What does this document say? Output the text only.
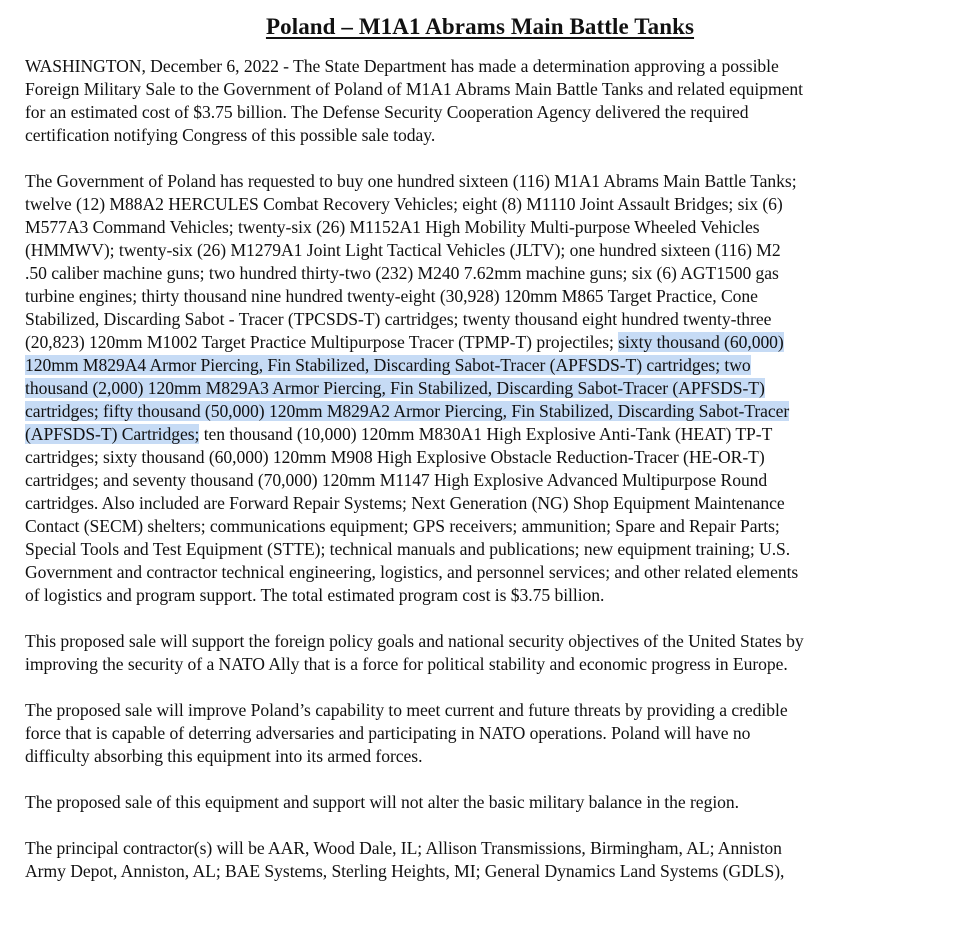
Poland – M1A1 Abrams Main Battle Tanks

WASHINGTON, December 6, 2022 - The State Department has made a determination approving a possible
Foreign Military Sale to the Government of Poland of M1A1 Abrams Main Battle Tanks and related equipment
for an estimated cost of $3.75 billion. The Defense Security Cooperation Agency delivered the required
certification notifying Congress of this possible sale today.

The Government of Poland has requested to buy one hundred sixteen (116) M1A1 Abrams Main Battle Tanks;
twelve (12) M88A2 HERCULES Combat Recovery Vehicles; eight (8) M1110 Joint Assault Bridges; six (6)
M577A3 Command Vehicles; twenty-six (26) M1152A1 High Mobility Multi-purpose Wheeled Vehicles
(HMMWV); twenty-six (26) M1279A1 Joint Light Tactical Vehicles (JLTV); one hundred sixteen (116) M2
.50 caliber machine guns; two hundred thirty-two (232) M240 7.62mm machine guns; six (6) AGT1500 gas
turbine engines; thirty thousand nine hundred twenty-eight (30,928) 120mm M865 Target Practice, Cone
Stabilized, Discarding Sabot - Tracer (TPCSDS-T) cartridges; twenty thousand eight hundred twenty-three
(20,823) 120mm M1002 Target Practice Multipurpose Tracer (TPMP-T) projectiles; sixty thousand (60,000)
120mm M829A4 Armor Piercing, Fin Stabilized, Discarding Sabot-Tracer (APFSDS-T) cartridges; two
thousand (2,000) 120mm M829A3 Armor Piercing, Fin Stabilized, Discarding Sabot-Tracer (APFSDS-T)
cartridges; fifty thousand (50,000) 120mm M829A2 Armor Piercing, Fin Stabilized, Discarding Sabot-Tracer
(APFSDS-T) Cartridges; ten thousand (10,000) 120mm M830A1 High Explosive Anti-Tank (HEAT) TP-T
cartridges; sixty thousand (60,000) 120mm M908 High Explosive Obstacle Reduction-Tracer (HE-OR-T)
cartridges; and seventy thousand (70,000) 120mm M1147 High Explosive Advanced Multipurpose Round
cartridges. Also included are Forward Repair Systems; Next Generation (NG) Shop Equipment Maintenance
Contact (SECM) shelters; communications equipment; GPS receivers; ammunition; Spare and Repair Parts;
Special Tools and Test Equipment (STTE); technical manuals and publications; new equipment training; U.S.
Government and contractor technical engineering, logistics, and personnel services; and other related elements
of logistics and program support. The total estimated program cost is $3.75 billion.

This proposed sale will support the foreign policy goals and national security objectives of the United States by
improving the security of a NATO Ally that is a force for political stability and economic progress in Europe.

The proposed sale will improve Poland’s capability to meet current and future threats by providing a credible
force that is capable of deterring adversaries and participating in NATO operations. Poland will have no
difficulty absorbing this equipment into its armed forces.

The proposed sale of this equipment and support will not alter the basic military balance in the region.

The principal contractor(s) will be AAR, Wood Dale, IL; Allison Transmissions, Birmingham, AL; Anniston
Army Depot, Anniston, AL; BAE Systems, Sterling Heights, MI; General Dynamics Land Systems (GDLS),
